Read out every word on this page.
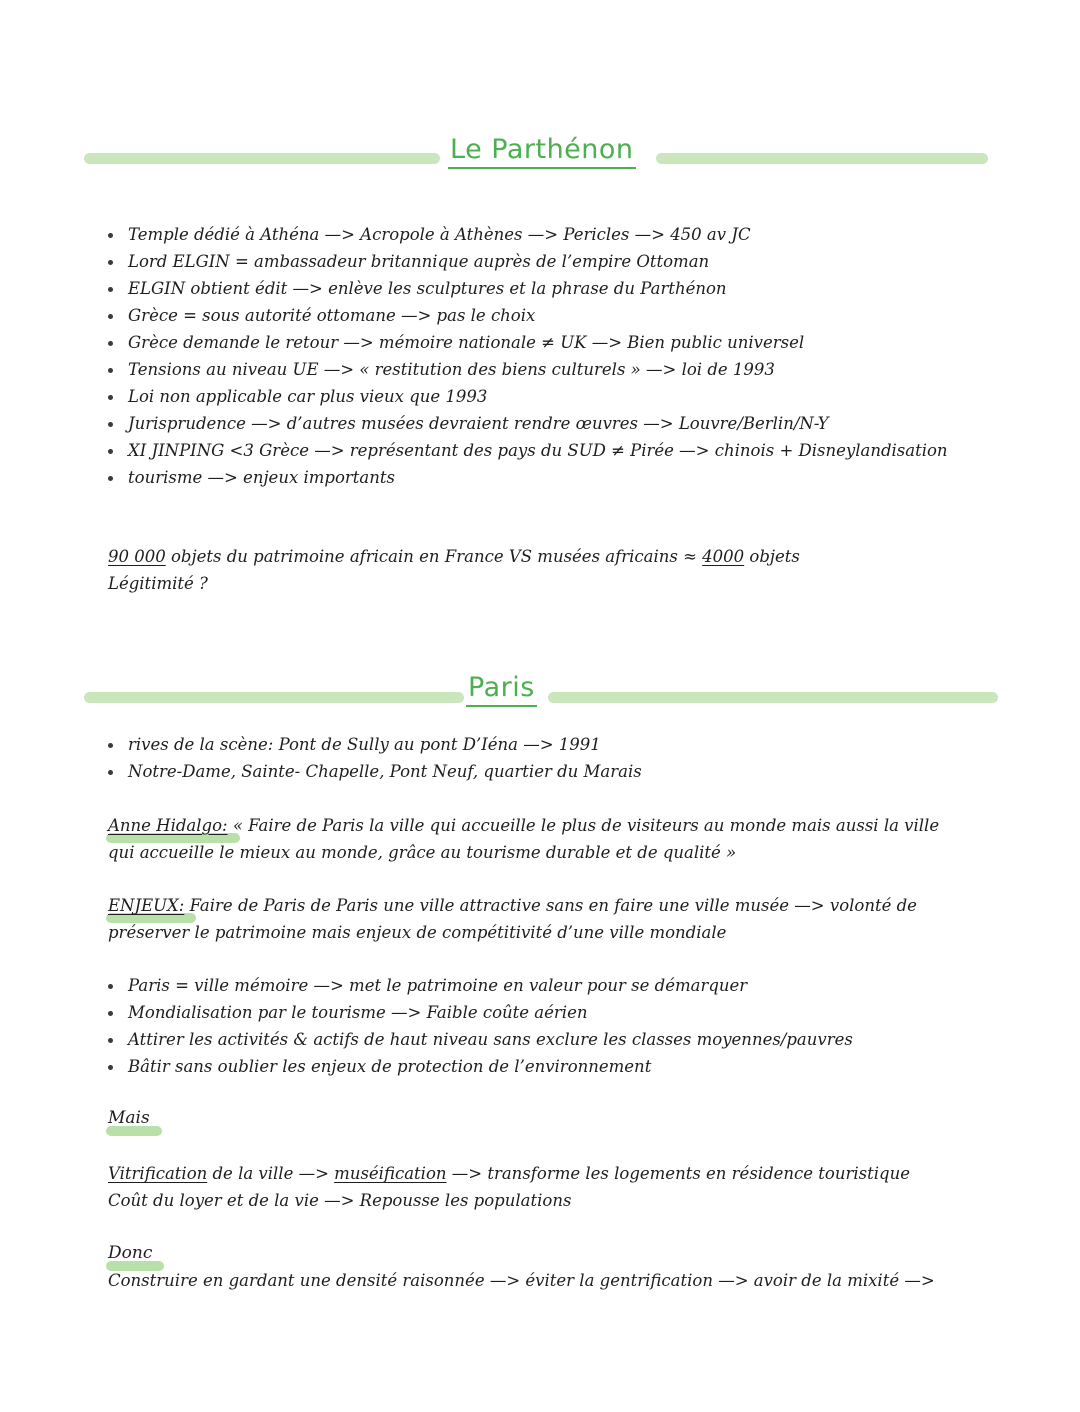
Le Parthénon
Temple dédié à Athéna —> Acropole à Athènes —> Pericles —> 450 av JC
Lord ELGIN = ambassadeur britannique auprès de l’empire Ottoman
ELGIN obtient édit —> enlève les sculptures et la phrase du Parthénon
Grèce = sous autorité ottomane —> pas le choix
Grèce demande le retour —> mémoire nationale ≠ UK —> Bien public universel
Tensions au niveau UE —> « restitution des biens culturels » —> loi de 1993
Loi non applicable car plus vieux que 1993
Jurisprudence —> d’autres musées devraient rendre œuvres —> Louvre/Berlin/N-Y
XI JINPING <3 Grèce —> représentant des pays du SUD ≠ Pirée —> chinois + Disneylandisation
tourisme —> enjeux importants

90 000 objets du patrimoine africain en France VS musées africains ≈ 4000 objets

Légitimité ?

Paris
rives de la scène: Pont de Sully au pont D’Iéna —> 1991
Notre-Dame, Sainte- Chapelle, Pont Neuf, quartier du Marais

Anne Hidalgo: « Faire de Paris la ville qui accueille le plus de visiteurs au monde mais aussi la ville

qui accueille le mieux au monde, grâce au tourisme durable et de qualité »

ENJEUX: Faire de Paris de Paris une ville attractive sans en faire une ville musée —> volonté de

préserver le patrimoine mais enjeux de compétitivité d’une ville mondiale

Paris = ville mémoire —> met le patrimoine en valeur pour se démarquer
Mondialisation par le tourisme —> Faible coûte aérien
Attirer les activités & actifs de haut niveau sans exclure les classes moyennes/pauvres
Bâtir sans oublier les enjeux de protection de l’environnement
Mais

Vitrification de la ville —> muséification —> transforme les logements en résidence touristique

Coût du loyer et de la vie —> Repousse les populations

Donc

Construire en gardant une densité raisonnée —> éviter la gentrification —> avoir de la mixité —>
